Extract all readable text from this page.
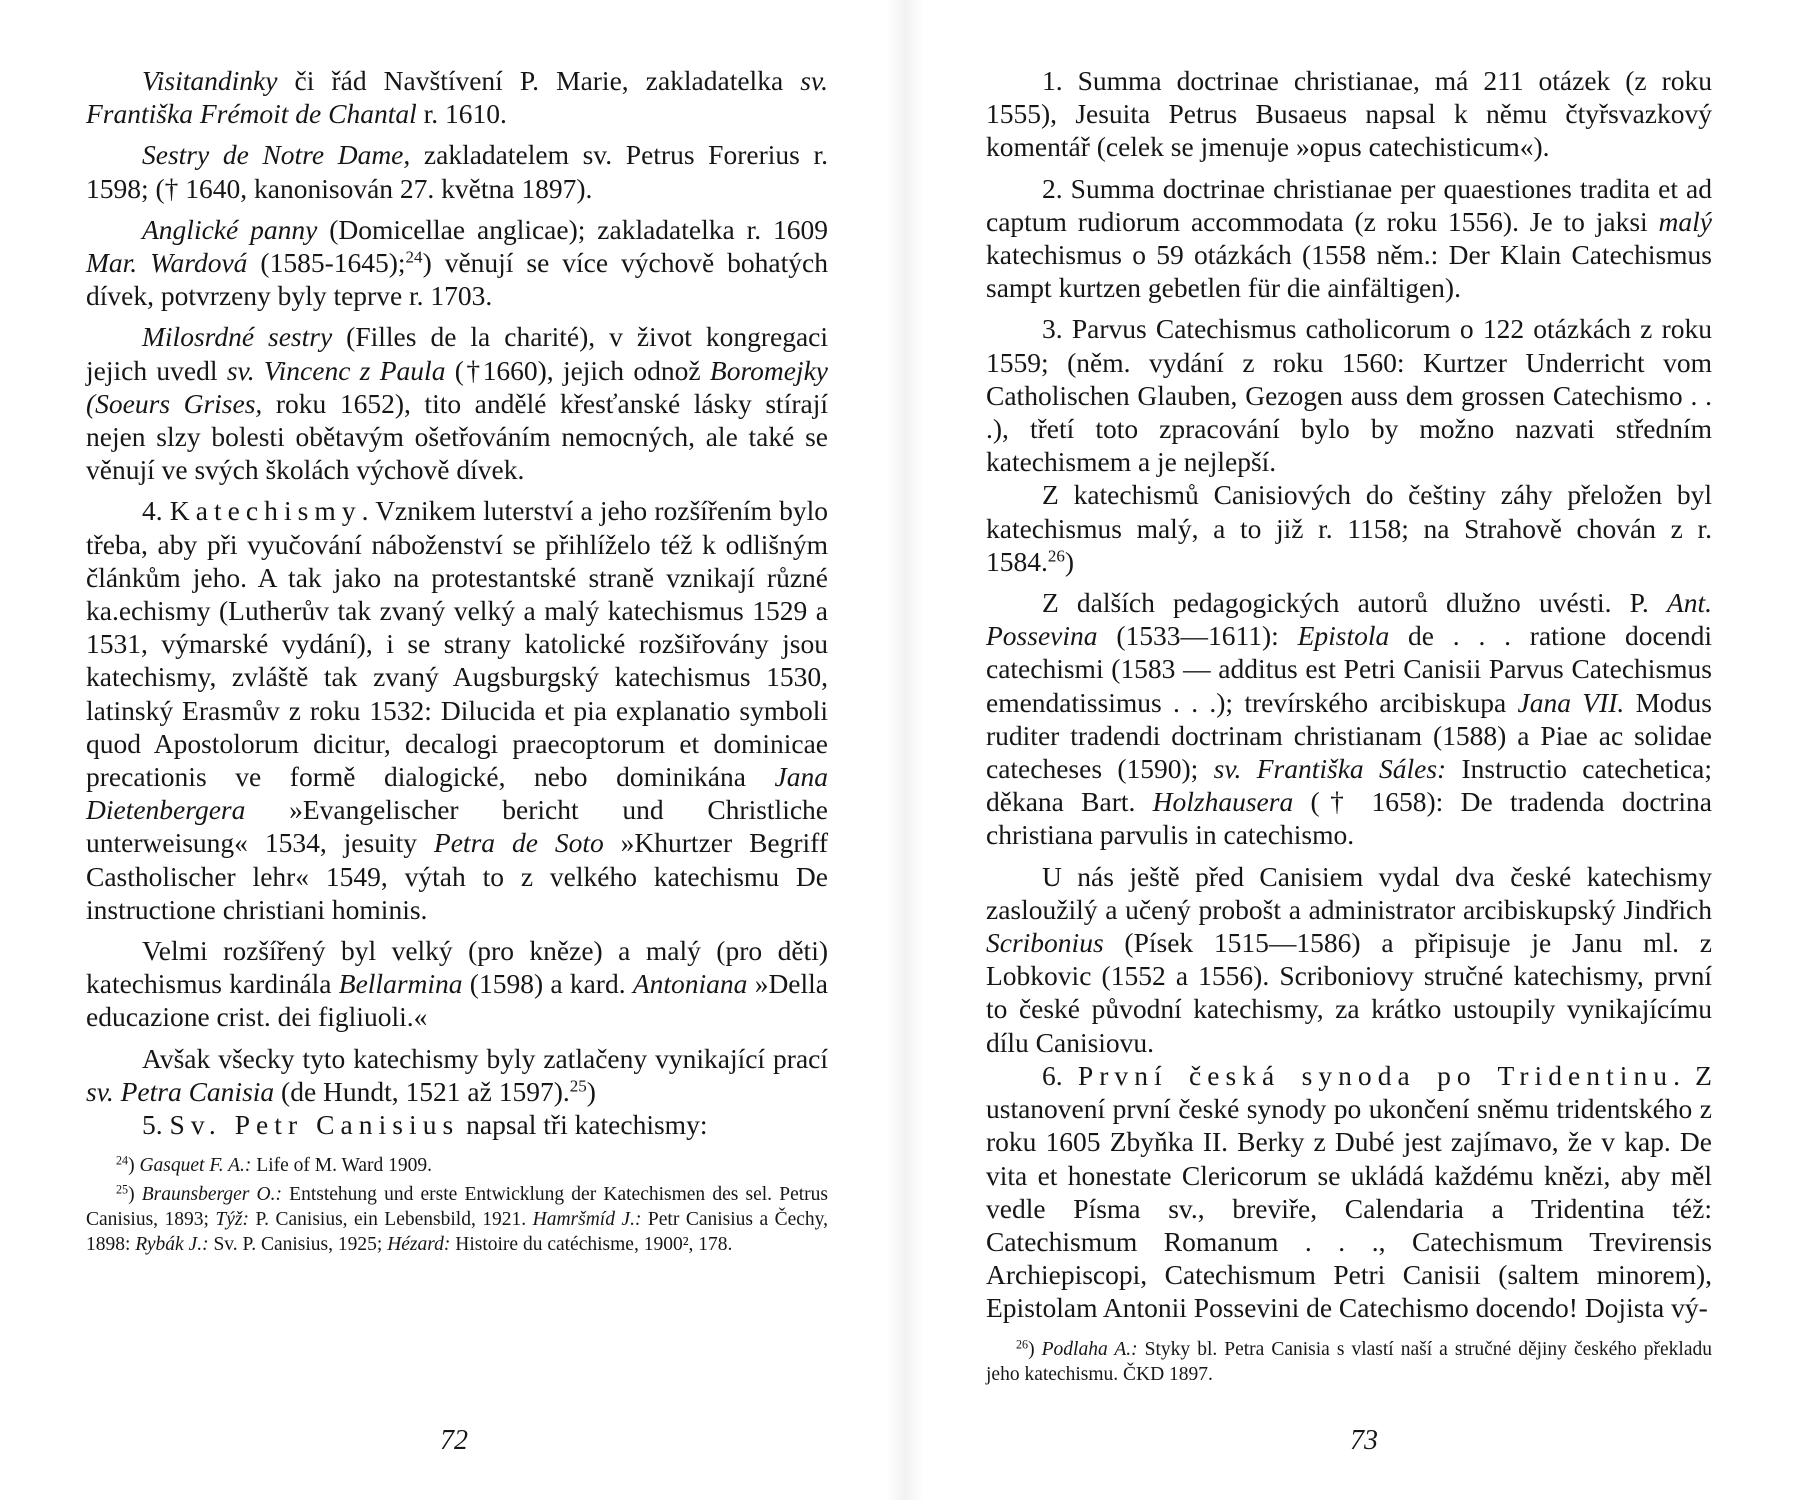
Visitandinky či řád Navštívení P. Marie, zakladatelka sv. Františka Frémoit de Chantal r. 1610.

Sestry de Notre Dame, zakladatelem sv. Petrus Forerius r. 1598; († 1640, kanonisován 27. května 1897).

Anglické panny (Domicellae anglicae); zakladatelka r. 1609 Mar. Wardová (1585-1645);$^{24}$) věnují se více výchově bohatých dívek, potvrzeny byly teprve r. 1703.

Milosrdné sestry (Filles de la charité), v život kongregaci jejich uvedl sv. Vincenc z Paula (†1660), jejich odnož Boromejky (Soeurs Grises, roku 1652), tito andělé křesťanské lásky stírají nejen slzy bolesti obětavým ošetřováním nemocných, ale také se věnují ve svých školách výchově dívek.

4. Katechismy. Vznikem luterství a jeho rozšířením bylo třeba, aby při vyučování náboženství se přihlíželo též k odlišným článkům jeho. A tak jako na protestantské straně vznikají různé ka.echismy (Lutherův tak zvaný velký a malý katechismus 1529 a 1531, výmarské vydání), i se strany katolické rozšiřovány jsou katechismy, zvláště tak zvaný Augsburgský katechismus 1530, latinský Erasmův z roku 1532: Dilucida et pia explanatio symboli quod Apostolorum dicitur, decalogi praecoptorum et dominicae precationis ve formě dialogické, nebo dominikána Jana Dietenbergera »Evangelischer bericht und Christliche unterweisung« 1534, jesuity Petra de Soto »Khurtzer Begriff Castholischer lehr« 1549, výtah to z velkého katechismu De instructione christiani hominis.

Velmi rozšířený byl velký (pro kněze) a malý (pro děti) katechismus kardinála Bellarmina (1598) a kard. Antoniana »Della educazione crist. dei figliuoli.«

Avšak všecky tyto katechismy byly zatlačeny vynikající prací sv. Petra Canisia (de Hundt, 1521 až 1597).$^{25}$)

5. Sv. Petr Canisius napsal tři katechismy:

$^{24}$) Gasquet F. A.: Life of M. Ward 1909.

$^{25}$) Braunsberger O.: Entstehung und erste Entwicklung der Katechismen des sel. Petrus Canisius, 1893; Týž: P. Canisius, ein Lebensbild, 1921. Hamršmíd J.: Petr Canisius a Čechy, 1898: Rybák J.: Sv. P. Canisius, 1925; Hézard: Histoire du catéchisme, 1900², 178.

72

1. Summa doctrinae christianae, má 211 otázek (z roku 1555), Jesuita Petrus Busaeus napsal k němu čtyřsvazkový komentář (celek se jmenuje »opus catechisticum«).

2. Summa doctrinae christianae per quaestiones tradita et ad captum rudiorum accommodata (z roku 1556). Je to jaksi malý katechismus o 59 otázkách (1558 něm.: Der Klain Catechismus sampt kurtzen gebetlen für die ainfältigen).

3. Parvus Catechismus catholicorum o 122 otázkách z roku 1559; (něm. vydání z roku 1560: Kurtzer Underricht vom Catholischen Glauben, Gezogen auss dem grossen Catechismo . . .), třetí toto zpracování bylo by možno nazvati středním katechismem a je nejlepší.

Z katechismů Canisiových do češtiny záhy přeložen byl katechismus malý, a to již r. 1158; na Strahově chován z r. 1584.26)

Z dalších pedagogických autorů dlužno uvésti. P. Ant. Possevina (1533—1611): Epistola de . . . ratione docendi catechismi (1583 — additus est Petri Canisii Parvus Catechismus emendatissimus . . .); trevírského arcibiskupa Jana VII. Modus ruditer tradendi doctrinam christianam (1588) a Piae ac solidae catecheses (1590); sv. Františka Sáles: Instructio catechetica; děkana Bart. Holzhausera († 1658): De tradenda doctrina christiana parvulis in catechismo.

U nás ještě před Canisiem vydal dva české katechismy zasloužilý a učený probošt a administrator arcibiskupský Jindřich Scribonius (Písek 1515—1586) a připisuje je Janu ml. z Lobkovic (1552 a 1556). Scriboniovy stručné katechismy, první to české původní katechismy, za krátko ustoupily vynikajícímu dílu Canisiovu.

6. První česká synoda po Tridentinu. Z ustanovení první české synody po ukončení sněmu tridentského z roku 1605 Zbyňka II. Berky z Dubé jest zajímavo, že v kap. De vita et honestate Clericorum se ukládá každému knězi, aby měl vedle Písma sv., breviře, Calendaria a Tridentina též: Catechismum Romanum . . ., Catechismum Trevirensis Archiepiscopi, Catechismum Petri Canisii (saltem minorem), Epistolam Antonii Possevini de Catechismo docendo! Dojista vý-

$^{26}$) Podlaha A.: Styky bl. Petra Canisia s vlastí naší a stručné dějiny českého překladu jeho katechismu. ČKD 1897.

73
